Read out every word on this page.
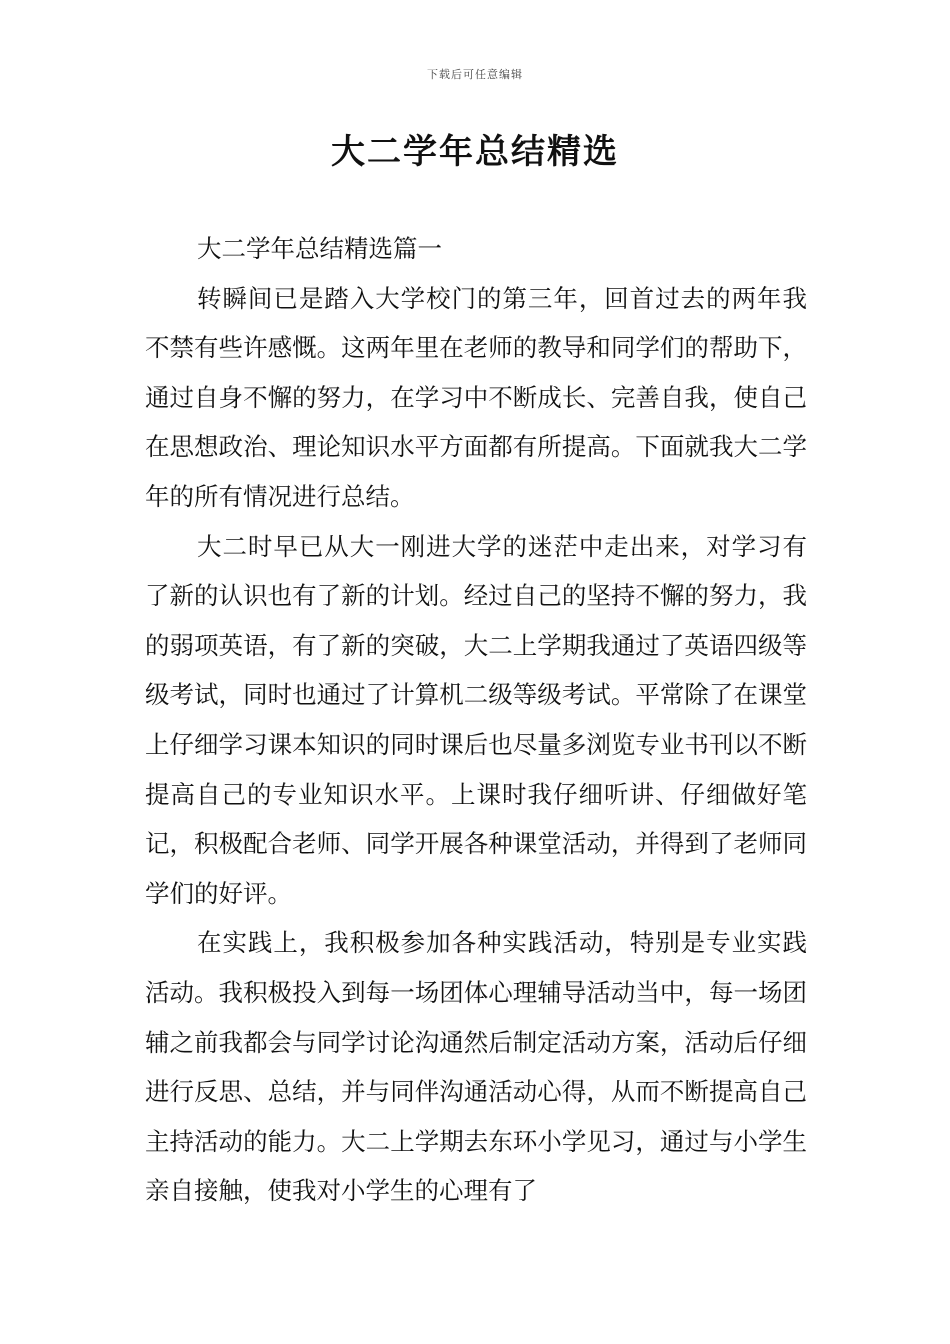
下载后可任意编辑
大二学年总结精选

大二学年总结精选篇一

转瞬间已是踏入大学校门的第三年，回首过去的两年我不禁有些许感慨。这两年里在老师的教导和同学们的帮助下，通过自身不懈的努力，在学习中不断成长、完善自我，使自己在思想政治、理论知识水平方面都有所提高。下面就我大二学年的所有情况进行总结。

大二时早已从大一刚进大学的迷茫中走出来，对学习有了新的认识也有了新的计划。经过自己的坚持不懈的努力，我的弱项英语，有了新的突破，大二上学期我通过了英语四级等级考试，同时也通过了计算机二级等级考试。平常除了在课堂上仔细学习课本知识的同时课后也尽量多浏览专业书刊以不断提高自己的专业知识水平。上课时我仔细听讲、仔细做好笔记，积极配合老师、同学开展各种课堂活动，并得到了老师同学们的好评。

在实践上，我积极参加各种实践活动，特别是专业实践活动。我积极投入到每一场团体心理辅导活动当中，每一场团辅之前我都会与同学讨论沟通然后制定活动方案，活动后仔细进行反思、总结，并与同伴沟通活动心得，从而不断提高自己主持活动的能力。大二上学期去东环小学见习，通过与小学生亲自接触，使我对小学生的心理有了
